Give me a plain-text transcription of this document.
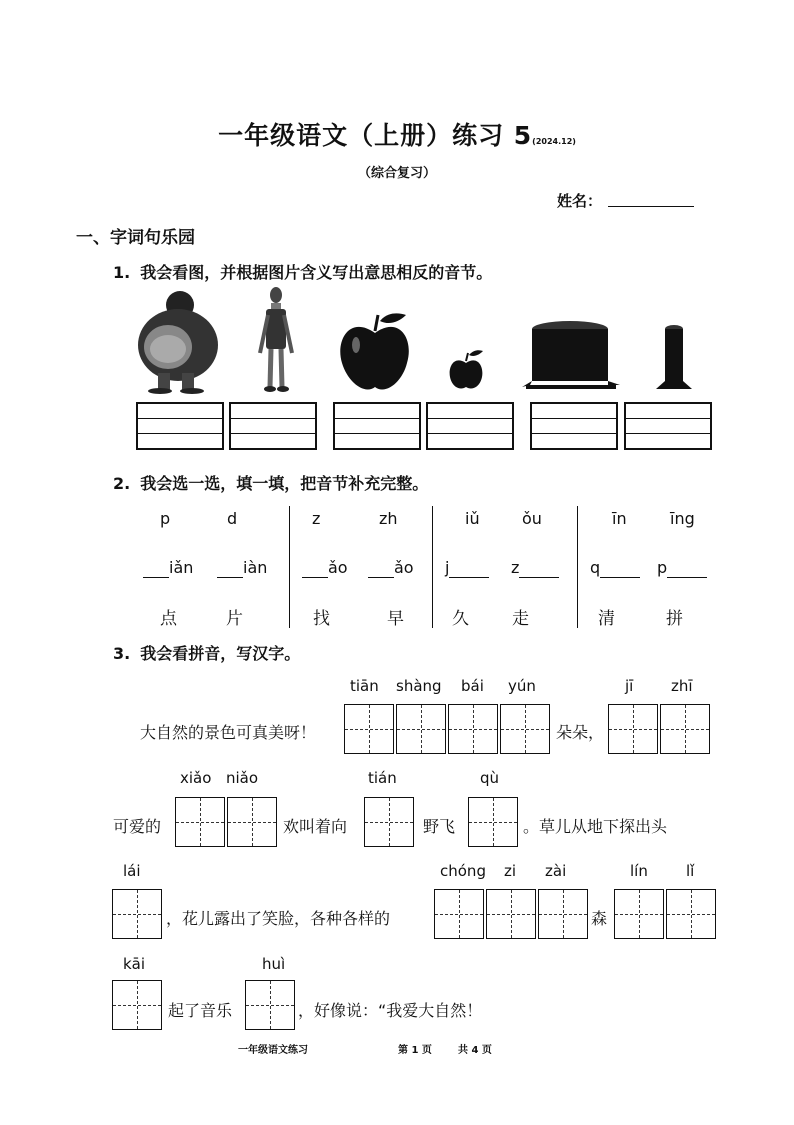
一年级语文（上册）练习 5(2024.12)
（综合复习）
姓名：
一、字词句乐园
1. 我会看图，并根据图片含义写出意思相反的音节。
2. 我会选一选，填一填，把音节补充完整。
p	d
iǎn	iàn
点	片
z	zh
ǎo	ǎo
找	早
iǔ	ǒu
j	z
久	走
īn	īng
q	p
清	拼
3. 我会看拼音，写汉字。
tiān shàng bái yún	jī	zhī
大自然的景色可真美呀！	朵朵，
xiǎo niǎo	tián	qù
可爱的	欢叫着向	野飞	。草儿从地下探出头
lái	chóng zi zài	lín	lǐ
，花儿露出了笑脸，各种各样的	森
kāi	huì
起了音乐	，好像说：“我爱大自然！
一年级语文练习	第 1 页	共 4 页
